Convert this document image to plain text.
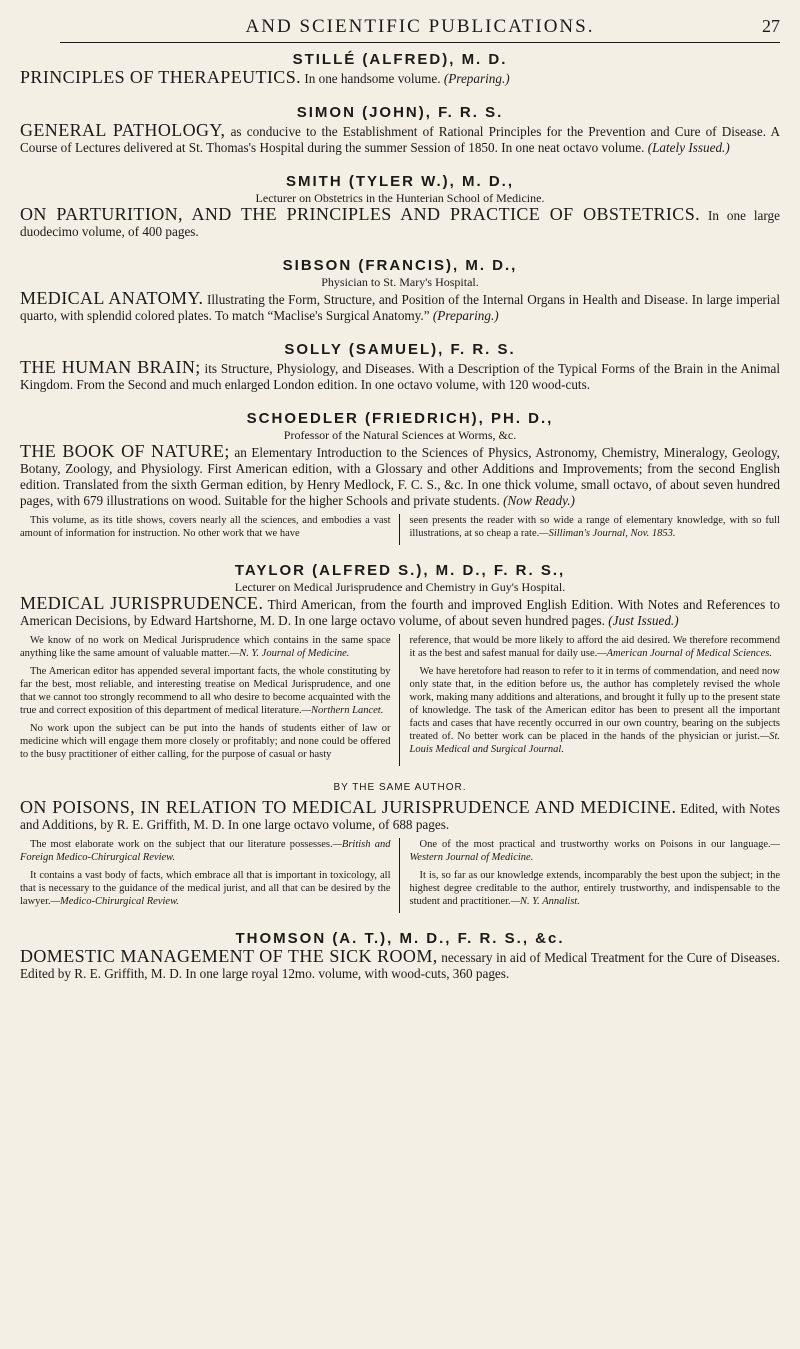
AND SCIENTIFIC PUBLICATIONS.	27
STILLÉ (ALFRED), M. D.
PRINCIPLES OF THERAPEUTICS. In one handsome volume. (Preparing.)
SIMON (JOHN), F. R. S.
GENERAL PATHOLOGY, as conducive to the Establishment of Rational Principles for the Prevention and Cure of Disease. A Course of Lectures delivered at St. Thomas's Hospital during the summer Session of 1850. In one neat octavo volume. (Lately Issued.)
SMITH (TYLER W.), M. D.,
Lecturer on Obstetrics in the Hunterian School of Medicine.
ON PARTURITION, AND THE PRINCIPLES AND PRACTICE OF OBSTETRICS. In one large duodecimo volume, of 400 pages.
SIBSON (FRANCIS), M. D.,
Physician to St. Mary's Hospital.
MEDICAL ANATOMY. Illustrating the Form, Structure, and Position of the Internal Organs in Health and Disease. In large imperial quarto, with splendid colored plates. To match “Maclise's Surgical Anatomy.” (Preparing.)
SOLLY (SAMUEL), F. R. S.
THE HUMAN BRAIN; its Structure, Physiology, and Diseases. With a Description of the Typical Forms of the Brain in the Animal Kingdom. From the Second and much enlarged London edition. In one octavo volume, with 120 wood-cuts.
SCHOEDLER (FRIEDRICH), PH. D.,
Professor of the Natural Sciences at Worms, &c.
THE BOOK OF NATURE; an Elementary Introduction to the Sciences of Physics, Astronomy, Chemistry, Mineralogy, Geology, Botany, Zoology, and Physiology. First American edition, with a Glossary and other Additions and Improvements; from the second English edition. Translated from the sixth German edition, by Henry Medlock, F. C. S., &c. In one thick volume, small octavo, of about seven hundred pages, with 679 illustrations on wood. Suitable for the higher Schools and private students. (Now Ready.)

This volume, as its title shows, covers nearly all the sciences, and embodies a vast amount of information for instruction. No other work that we have

seen presents the reader with so wide a range of elementary knowledge, with so full illustrations, at so cheap a rate.—Silliman's Journal, Nov. 1853.

TAYLOR (ALFRED S.), M. D., F. R. S.,
Lecturer on Medical Jurisprudence and Chemistry in Guy's Hospital.
MEDICAL JURISPRUDENCE. Third American, from the fourth and improved English Edition. With Notes and References to American Decisions, by Edward Hartshorne, M. D. In one large octavo volume, of about seven hundred pages. (Just Issued.)

We know of no work on Medical Jurisprudence which contains in the same space anything like the same amount of valuable matter.—N. Y. Journal of Medicine.

The American editor has appended several important facts, the whole constituting by far the best, most reliable, and interesting treatise on Medical Jurisprudence, and one that we cannot too strongly recommend to all who desire to become acquainted with the true and correct exposition of this department of medical literature.—Northern Lancet.

No work upon the subject can be put into the hands of students either of law or medicine which will engage them more closely or profitably; and none could be offered to the busy practitioner of either calling, for the purpose of casual or hasty

reference, that would be more likely to afford the aid desired. We therefore recommend it as the best and safest manual for daily use.—American Journal of Medical Sciences.

We have heretofore had reason to refer to it in terms of commendation, and need now only state that, in the edition before us, the author has completely revised the whole work, making many additions and alterations, and brought it fully up to the present state of knowledge. The task of the American editor has been to present all the important facts and cases that have recently occurred in our own country, bearing on the subjects treated of. No better work can be placed in the hands of the physician or jurist.—St. Louis Medical and Surgical Journal.

BY THE SAME AUTHOR.
ON POISONS, IN RELATION TO MEDICAL JURISPRUDENCE AND MEDICINE. Edited, with Notes and Additions, by R. E. Griffith, M. D. In one large octavo volume, of 688 pages.

The most elaborate work on the subject that our literature possesses.—British and Foreign Medico-Chirurgical Review.

It contains a vast body of facts, which embrace all that is important in toxicology, all that is necessary to the guidance of the medical jurist, and all that can be desired by the lawyer.—Medico-Chirurgical Review.

One of the most practical and trustworthy works on Poisons in our language.—Western Journal of Medicine.

It is, so far as our knowledge extends, incomparably the best upon the subject; in the highest degree creditable to the author, entirely trustworthy, and indispensable to the student and practitioner.—N. Y. Annalist.

THOMSON (A. T.), M. D., F. R. S., &c.
DOMESTIC MANAGEMENT OF THE SICK ROOM, necessary in aid of Medical Treatment for the Cure of Diseases. Edited by R. E. Griffith, M. D. In one large royal 12mo. volume, with wood-cuts, 360 pages.
